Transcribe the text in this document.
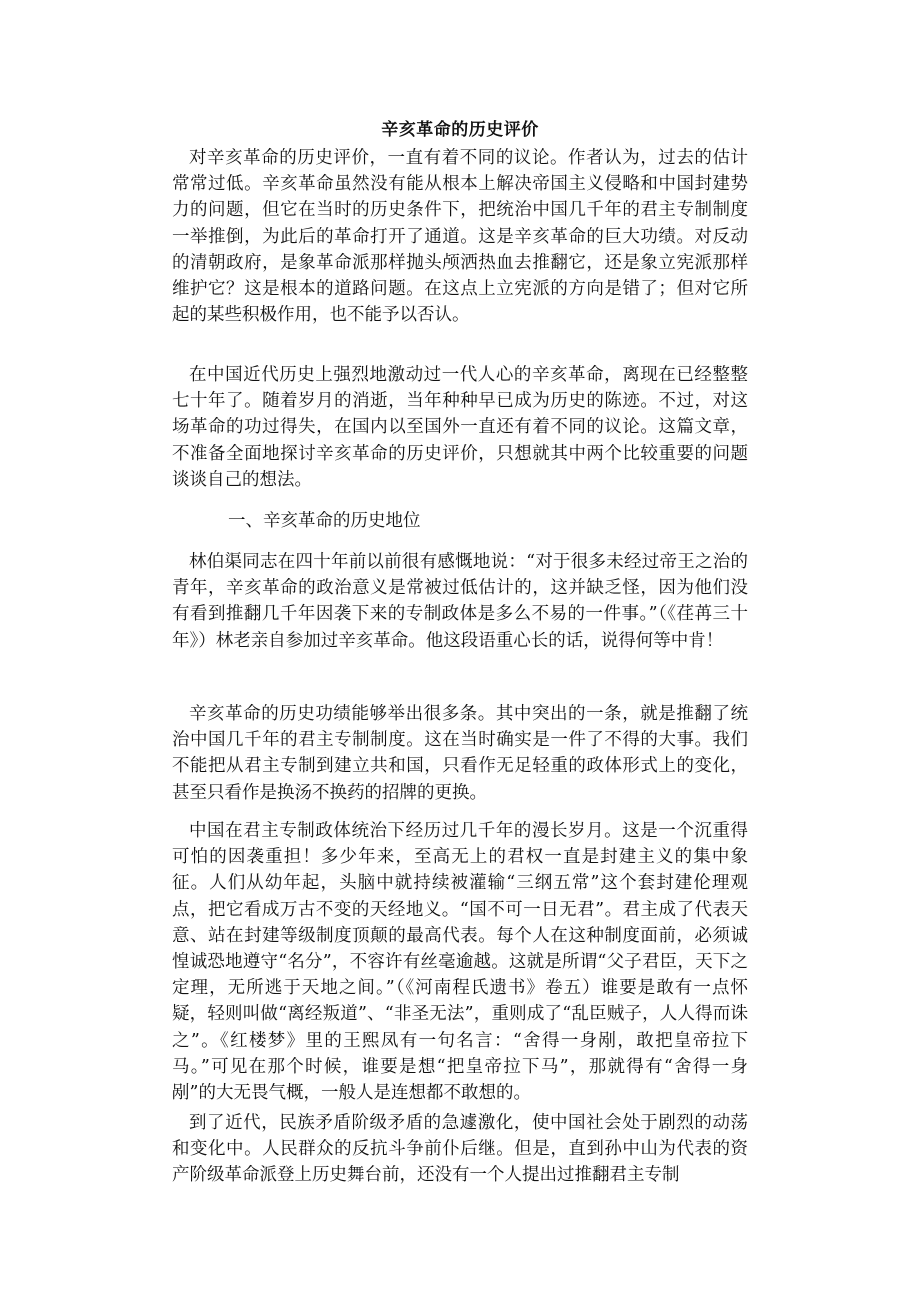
辛亥革命的历史评价

对辛亥革命的历史评价，一直有着不同的议论。作者认为，过去的估计常常过低。辛亥革命虽然没有能从根本上解决帝国主义侵略和中国封建势力的问题，但它在当时的历史条件下，把统治中国几千年的君主专制制度一举推倒，为此后的革命打开了通道。这是辛亥革命的巨大功绩。对反动的清朝政府，是象革命派那样抛头颅洒热血去推翻它，还是象立宪派那样维护它？这是根本的道路问题。在这点上立宪派的方向是错了；但对它所起的某些积极作用，也不能予以否认。

在中国近代历史上强烈地激动过一代人心的辛亥革命，离现在已经整整七十年了。随着岁月的消逝，当年种种早已成为历史的陈迹。不过，对这场革命的功过得失，在国内以至国外一直还有着不同的议论。这篇文章，不准备全面地探讨辛亥革命的历史评价，只想就其中两个比较重要的问题谈谈自己的想法。

一、辛亥革命的历史地位

林伯渠同志在四十年前以前很有感慨地说：“对于很多未经过帝王之治的青年，辛亥革命的政治意义是常被过低估计的，这并缺乏怪，因为他们没有看到推翻几千年因袭下来的专制政体是多么不易的一件事。”（《荏苒三十年》）林老亲自参加过辛亥革命。他这段语重心长的话，说得何等中肯！

辛亥革命的历史功绩能够举出很多条。其中突出的一条，就是推翻了统治中国几千年的君主专制制度。这在当时确实是一件了不得的大事。我们不能把从君主专制到建立共和国，只看作无足轻重的政体形式上的变化，甚至只看作是换汤不换药的招牌的更换。

中国在君主专制政体统治下经历过几千年的漫长岁月。这是一个沉重得可怕的因袭重担！多少年来，至高无上的君权一直是封建主义的集中象征。人们从幼年起，头脑中就持续被灌输“三纲五常”这个套封建伦理观点，把它看成万古不变的天经地义。“国不可一日无君”。君主成了代表天意、站在封建等级制度顶颠的最高代表。每个人在这种制度面前，必须诚惶诚恐地遵守“名分”，不容许有丝毫逾越。这就是所谓“父子君臣，天下之定理，无所逃于天地之间。”（《河南程氏遗书》卷五）谁要是敢有一点怀疑，轻则叫做“离经叛道”、“非圣无法”，重则成了“乱臣贼子，人人得而诛之”。《红楼梦》里的王熙凤有一句名言：“舍得一身剐，敢把皇帝拉下马。”可见在那个时候，谁要是想“把皇帝拉下马”，那就得有“舍得一身剐”的大无畏气概，一般人是连想都不敢想的。

到了近代，民族矛盾阶级矛盾的急遽激化，使中国社会处于剧烈的动荡和变化中。人民群众的反抗斗争前仆后继。但是，直到孙中山为代表的资产阶级革命派登上历史舞台前，还没有一个人提出过推翻君主专制
